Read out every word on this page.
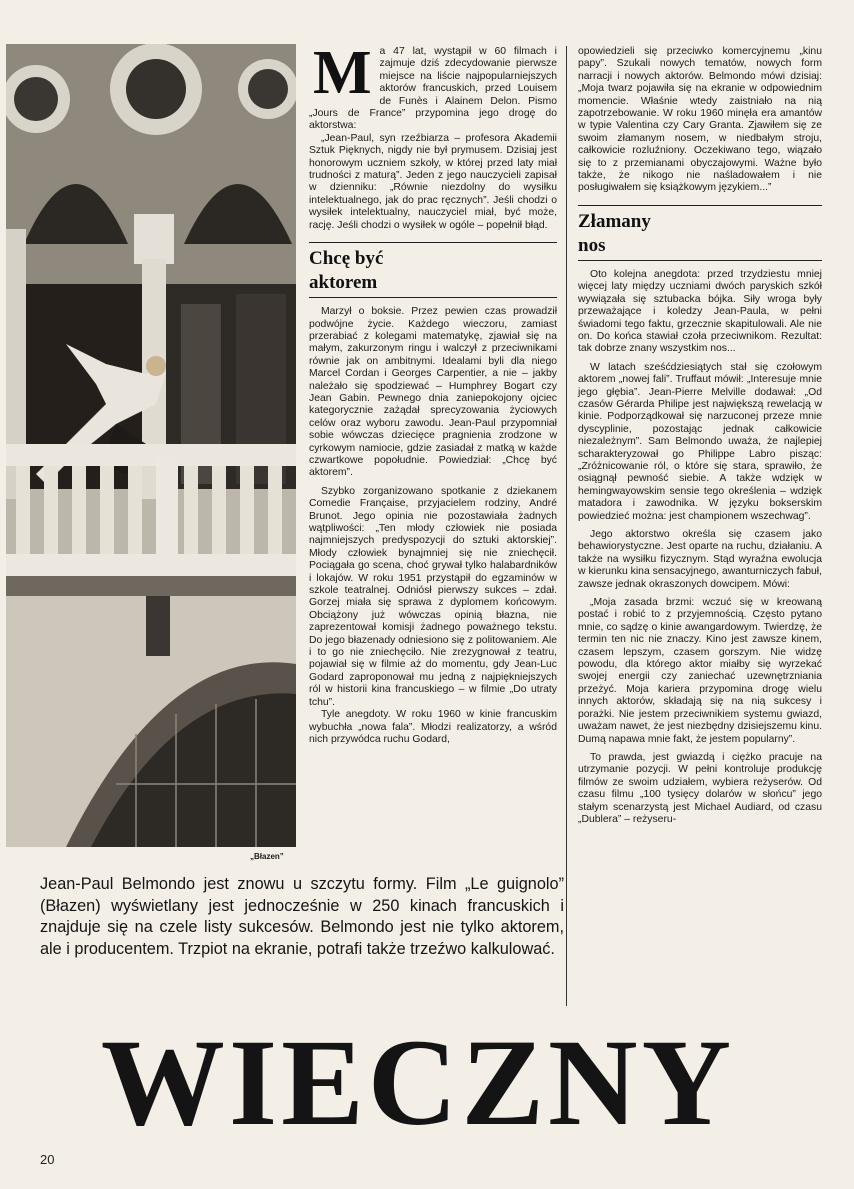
„Błazen”
M a 47 lat, wystąpił w 60 filmach i zajmuje dziś zdecydowanie pierwsze miejsce na liście najpopularniejszych aktorów francuskich, przed Louisem de Funès i Alainem Delon. Pismo „Jours de France” przypomina jego drogę do aktorstwa:

„Jean-Paul, syn rzeźbiarza – profesora Akademii Sztuk Pięknych, nigdy nie był prymusem. Dzisiaj jest honorowym uczniem szkoły, w której przed laty miał trudności z maturą”. Jeden z jego nauczycieli zapisał w dzienniku: „Równie niezdolny do wysiłku intelektualnego, jak do prac ręcznych”. Jeśli chodzi o wysiłek intelektualny, nauczyciel miał, być może, rację. Jeśli chodzi o wysiłek w ogóle – popełnił błąd.

Chcę być
aktorem

Marzył o boksie. Przez pewien czas prowadził podwójne życie. Każdego wieczoru, zamiast przerabiać z kolegami matematykę, zjawiał się na małym, zakurzonym ringu i walczył z przeciwnikami równie jak on ambitnymi. Idealami byli dla niego Marcel Cordan i Georges Carpentier, a nie – jakby należało się spodziewać – Humphrey Bogart czy Jean Gabin. Pewnego dnia zaniepokojony ojciec kategorycznie zażądał sprecyzowania życiowych celów oraz wyboru zawodu. Jean-Paul przypomniał sobie wówczas dziecięce pragnienia zrodzone w cyrkowym namiocie, gdzie zasiadał z matką w każde czwartkowe popołudnie. Powiedział: „Chcę być aktorem”.

Szybko zorganizowano spotkanie z dziekanem Comedie Française, przyjacielem rodziny, André Brunot. Jego opinia nie pozostawiała żadnych wątpliwości: „Ten młody człowiek nie posiada najmniejszych predyspozycji do sztuki aktorskiej”. Młody człowiek bynajmniej się nie zniechęcił. Pociągała go scena, choć grywał tylko halabardników i lokajów. W roku 1951 przystąpił do egzaminów w szkole teatralnej. Odniósł pierwszy sukces – zdał. Gorzej miała się sprawa z dyplomem końcowym. Obciążony już wówczas opinią błazna, nie zaprezentował komisji żadnego poważnego tekstu. Do jego błazenady odniesiono się z politowaniem. Ale i to go nie zniechęciło. Nie zrezygnował z teatru, pojawiał się w filmie aż do momentu, gdy Jean-Luc Godard zaproponował mu jedną z najpiękniejszych ról w historii kina francuskiego – w filmie „Do utraty tchu”.

Tyle anegdoty. W roku 1960 w kinie francuskim wybuchła „nowa fala”. Młodzi realizatorzy, a wśród nich przywódca ruchu Godard,

opowiedzieli się przeciwko komercyjnemu „kinu papy”. Szukali nowych tematów, nowych form narracji i nowych aktorów. Belmondo mówi dzisiaj: „Moja twarz pojawiła się na ekranie w odpowiednim momencie. Właśnie wtedy zaistniało na nią zapotrzebowanie. W roku 1960 minęła era amantów w typie Valentina czy Cary Granta. Zjawiłem się ze swoim złamanym nosem, w niedbałym stroju, całkowicie rozluźniony. Oczekiwano tego, wiązało się to z przemianami obyczajowymi. Ważne było także, że nikogo nie naśladowałem i nie posługiwałem się książkowym językiem...”

Złamany
nos

Oto kolejna anegdota: przed trzydziestu mniej więcej laty między uczniami dwóch paryskich szkół wywiązała się sztubacka bójka. Siły wroga były przeważające i koledzy Jean-Paula, w pełni świadomi tego faktu, grzecznie skapitulowali. Ale nie on. Do końca stawiał czoła przeciwnikom. Rezultat: tak dobrze znany wszystkim nos...

W latach sześćdziesiątych stał się czołowym aktorem „nowej fali”. Truffaut mówił: „Interesuje mnie jego głębia”. Jean-Pierre Melville dodawał: „Od czasów Gérarda Philipe jest największą rewelacją w kinie. Podporządkował się narzuconej przeze mnie dyscyplinie, pozostając jednak całkowicie niezależnym”. Sam Belmondo uważa, że najlepiej scharakteryzował go Philippe Labro pisząc: „Zróżnicowanie ról, o które się stara, sprawiło, że osiągnął pewność siebie. A także wdzięk w hemingwayowskim sensie tego określenia – wdzięk matadora i zawodnika. W języku bokserskim powiedzieć można: jest championem wszechwag”.

Jego aktorstwo określa się czasem jako behawiorystyczne. Jest oparte na ruchu, działaniu. A także na wysiłku fizycznym. Stąd wyraźna ewolucja w kierunku kina sensacyjnego, awanturniczych fabuł, zawsze jednak okraszonych dowcipem. Mówi:

„Moja zasada brzmi: wczuć się w kreowaną postać i robić to z przyjemnością. Często pytano mnie, co sądzę o kinie awangardowym. Twierdzę, że termin ten nic nie znaczy. Kino jest zawsze kinem, czasem lepszym, czasem gorszym. Nie widzę powodu, dla którego aktor miałby się wyrzekać swojej energii czy zaniechać uzewnętrzniania przeżyć. Moja kariera przypomina drogę wielu innych aktorów, składają się na nią sukcesy i porażki. Nie jestem przeciwnikiem systemu gwiazd, uważam nawet, że jest niezbędny dzisiejszemu kinu. Dumą napawa mnie fakt, że jestem popularny”.

To prawda, jest gwiazdą i ciężko pracuje na utrzymanie pozycji. W pełni kontroluje produkcję filmów ze swoim udziałem, wybiera reżyserów. Od czasu filmu „100 tysięcy dolarów w słońcu” jego stałym scenarzystą jest Michael Audiard, od czasu „Dublera” – reżyseru-

Jean-Paul Belmondo jest znowu u szczytu formy. Film „Le guignolo” (Błazen) wyświetlany jest jednocześnie w 250 kinach francuskich i znajduje się na czele listy sukcesów. Belmondo jest nie tylko aktorem, ale i producentem. Trzpiot na ekranie, potrafi także trzeźwo kalkulować.
WIECZNY
20
